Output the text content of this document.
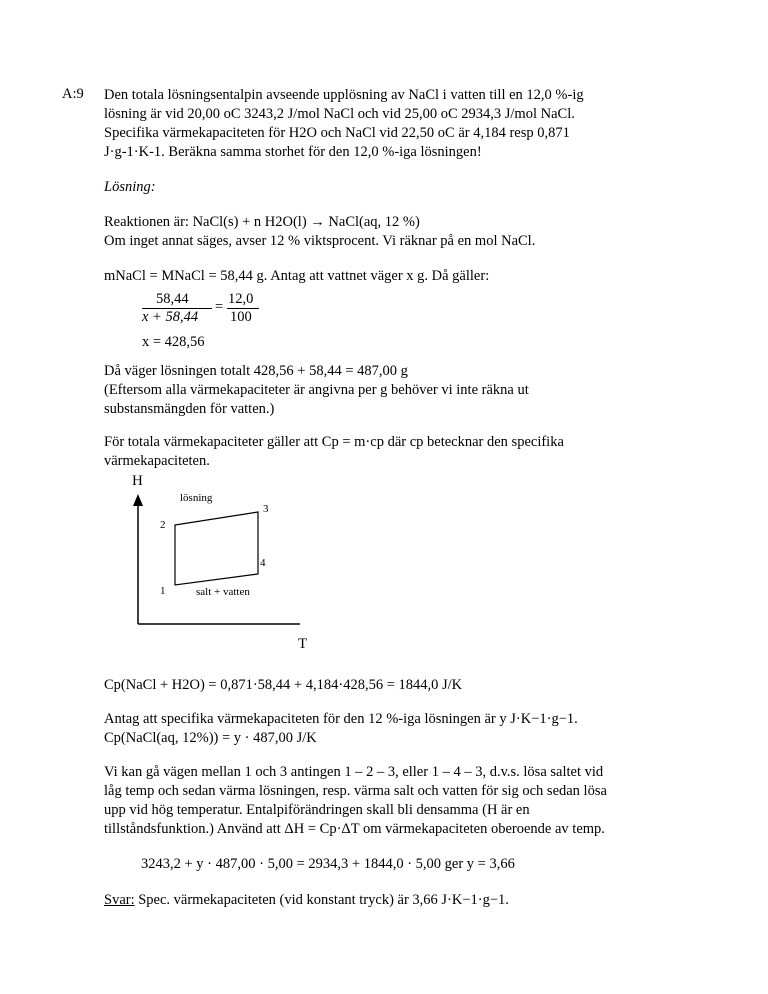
A:9 Den totala lösningsentalpin avseende upplösning av NaCl i vatten till en 12,0 %-ig
lösning är vid 20,00 oC 3243,2 J/mol NaCl och vid 25,00 oC 2934,3 J/mol NaCl.
Specifika värmekapaciteten för H2O och NaCl vid 22,50 oC är 4,184 resp 0,871
J·g-1·K-1. Beräkna samma storhet för den 12,0 %-iga lösningen!
Lösning:
Reaktionen är: NaCl(s) + n H2O(l) → NaCl(aq, 12 %)
Om inget annat säges, avser 12 % viktsprocent. Vi räknar på en mol NaCl.
mNaCl = MNaCl = 58,44 g. Antag att vattnet väger x g. Då gäller:
58,44
x + 58,44
= 12,0
100
x = 428,56
Då väger lösningen totalt 428,56 + 58,44 = 487,00 g
(Eftersom alla värmekapaciteter är angivna per g behöver vi inte räkna ut
substansmängden för vatten.)
För totala värmekapaciteter gäller att Cp = m·cp där cp betecknar den specifika
värmekapaciteten.
H
lösning
salt + vatten
1
2
3
4
T
Cp(NaCl + H2O) = 0,871·58,44 + 4,184·428,56 = 1844,0 J/K
Antag att specifika värmekapaciteten för den 12 %-iga lösningen är y J·K−1·g−1.
Cp(NaCl(aq, 12%)) = y · 487,00 J/K
Vi kan gå vägen mellan 1 och 3 antingen 1 – 2 – 3, eller 1 – 4 – 3, d.v.s. lösa saltet vid
låg temp och sedan värma lösningen, resp. värma salt och vatten för sig och sedan lösa
upp vid hög temperatur. Entalpiförändringen skall bli densamma (H är en
tillståndsfunktion.) Använd att ΔH = Cp·ΔT om värmekapaciteten oberoende av temp.
3243,2 + y · 487,00 · 5,00 = 2934,3 + 1844,0 · 5,00 ger y = 3,66
Svar: Spec. värmekapaciteten (vid konstant tryck) är 3,66 J·K−1·g−1.
